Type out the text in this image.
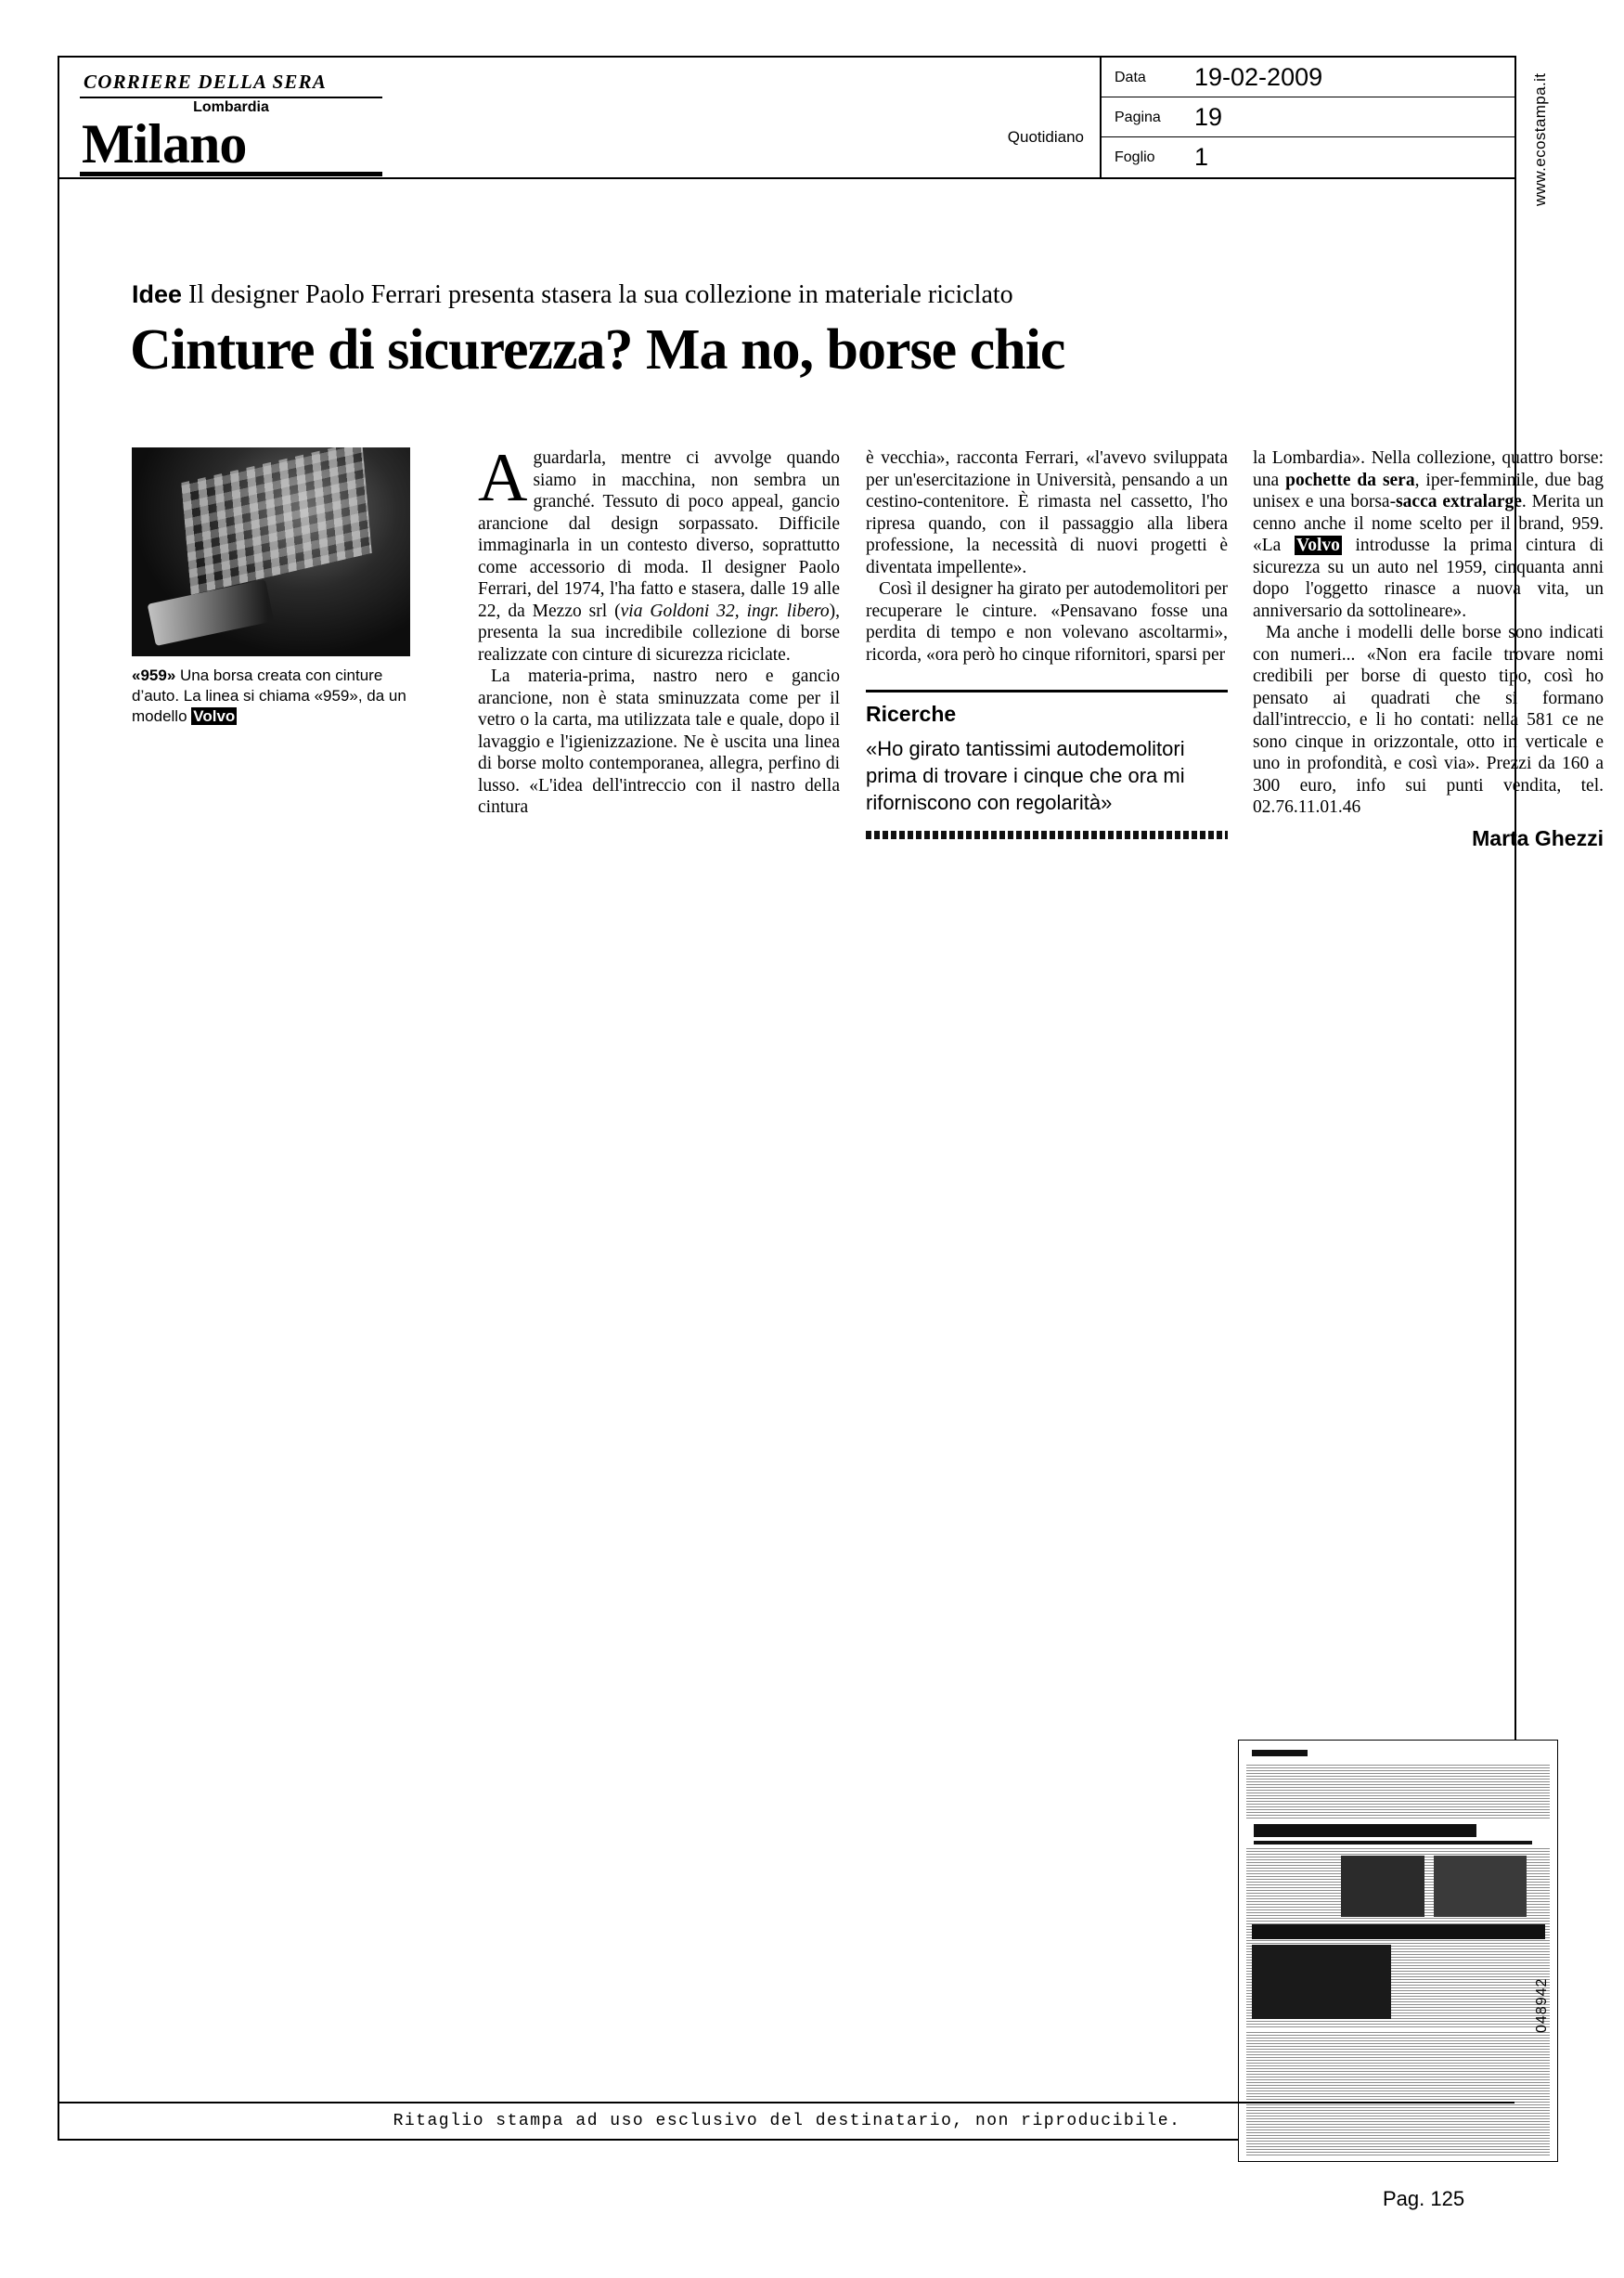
CORRIERE DELLA SERA
Lombardia
Milano	Quotidiano
Data 19-02-2009
Pagina 19
Foglio 1
Idee Il designer Paolo Ferrari presenta stasera la sua collezione in materiale riciclato
Cinture di sicurezza? Ma no, borse chic
«959» Una borsa creata con cinture d’auto. La linea si chiama «959», da un modello Volvo

Aguardarla, mentre ci avvolge quando siamo in macchina, non sembra un granché. Tessuto di poco appeal, gancio arancione dal design sorpassato. Difficile immaginarla in un contesto diverso, soprattutto come accessorio di moda. Il designer Paolo Ferrari, del 1974, l'ha fatto e stasera, dalle 19 alle 22, da Mezzo srl (via Goldoni 32, ingr. libero), presenta la sua incredibile collezione di borse realizzate con cinture di sicurezza riciclate.

La materia-prima, nastro nero e gancio arancione, non è stata sminuzzata come per il vetro o la carta, ma utilizzata tale e quale, dopo il lavaggio e l'igienizzazione. Ne è uscita una linea di borse molto contemporanea, allegra, perfino di lusso. «L'idea dell'intreccio con il nastro della cintura

è vecchia», racconta Ferrari, «l'avevo sviluppata per un'esercitazione in Università, pensando a un cestino-contenitore. È rimasta nel cassetto, l'ho ripresa quando, con il passaggio alla libera professione, la necessità di nuovi progetti è diventata impellente».

Così il designer ha girato per autodemolitori per recuperare le cinture. «Pensavano fosse una perdita di tempo e non volevano ascoltarmi», ricorda, «ora però ho cinque rifornitori, sparsi per

Ricerche
«Ho girato tantissimi autodemolitori prima di trovare i cinque che ora mi riforniscono con regolarità»

la Lombardia». Nella collezione, quattro borse: una pochette da sera, iper-femminile, due bag unisex e una borsa-sacca extralarge. Merita un cenno anche il nome scelto per il brand, 959. «La Volvo introdusse la prima cintura di sicurezza su un auto nel 1959, cinquanta anni dopo l'oggetto rinasce a nuova vita, un anniversario da sottolineare».

Ma anche i modelli delle borse sono indicati con numeri... «Non era facile trovare nomi credibili per borse di questo tipo, così ho pensato ai quadrati che si formano dall'intreccio, e li ho contati: nella 581 ce ne sono cinque in orizzontale, otto in verticale e uno in profondità, e così via». Prezzi da 160 a 300 euro, info sui punti vendita, tel. 02.76.11.01.46

Marta Ghezzi
Ritaglio stampa ad uso esclusivo del destinatario, non riproducibile.
www.ecostampa.it
048942
Pag. 125
